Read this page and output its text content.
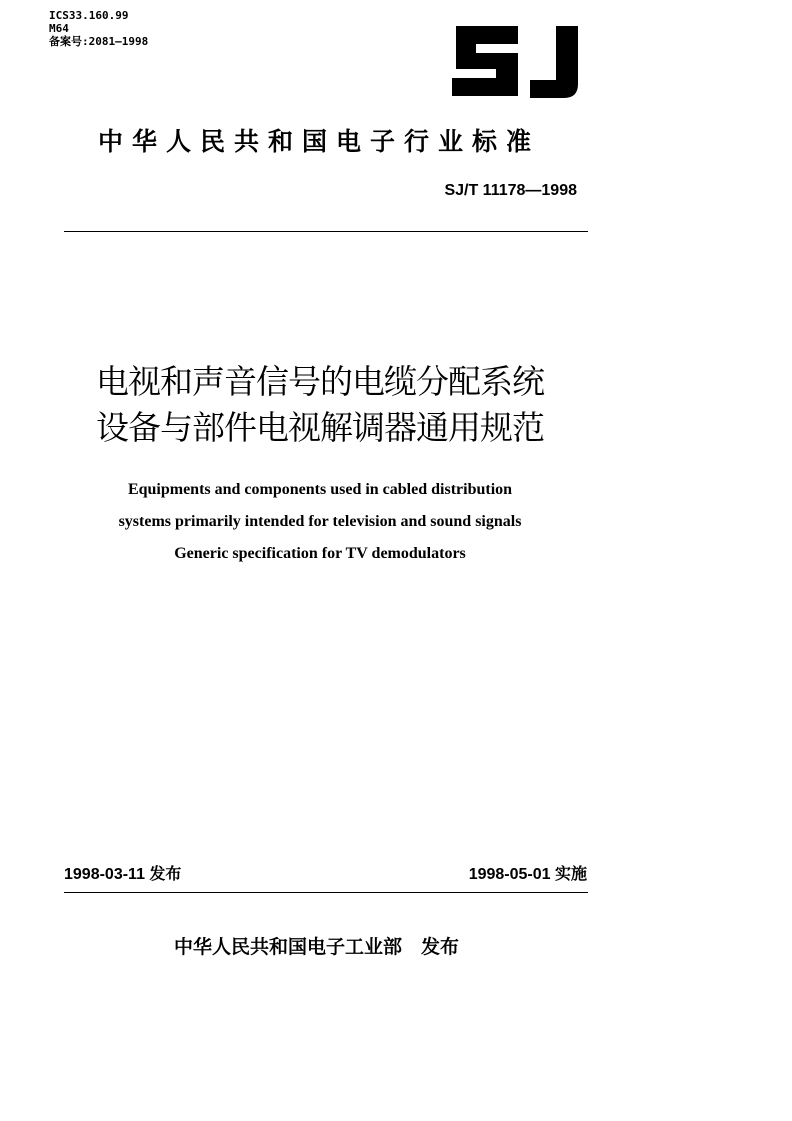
ICS33.160.99
M64
备案号:2081—1998
中华人民共和国电子行业标准
SJ/T 11178—1998
电视和声音信号的电缆分配系统
设备与部件电视解调器通用规范
Equipments and components used in cabled distribution
systems primarily intended for television and sound signals
Generic specification for TV demodulators
1998-03-11 发布	1998-05-01 实施
中华人民共和国电子工业部　发布
